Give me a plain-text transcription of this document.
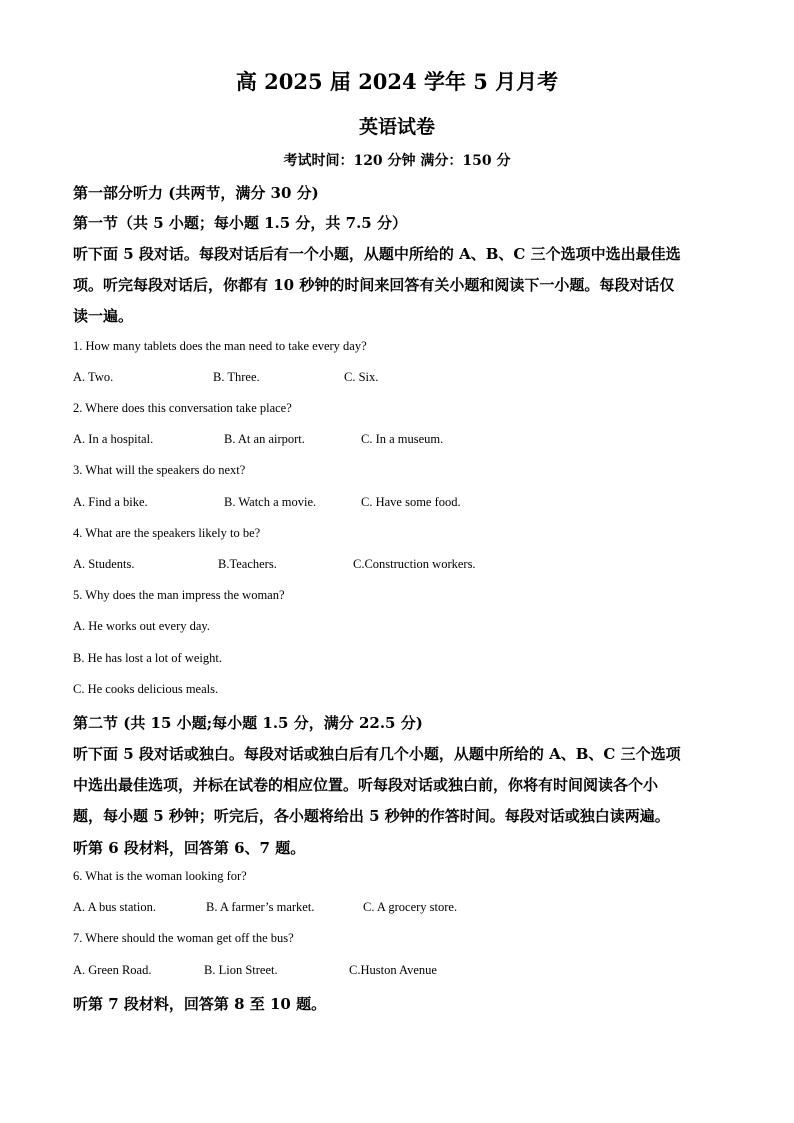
高 2025 届 2024 学年 5 月月考
英语试卷
考试时间：120 分钟 满分：150 分
第一部分听力 (共两节，满分 30 分)
第一节（共 5 小题；每小题 1.5 分，共 7.5 分）
听下面 5 段对话。每段对话后有一个小题，从题中所给的 A、B、C 三个选项中选出最佳选
项。听完每段对话后，你都有 10 秒钟的时间来回答有关小题和阅读下一小题。每段对话仅
读一遍。
1. How many tablets does the man need to take every day?
A. Two.	B. Three.	C. Six.
2. Where does this conversation take place?
A. In a hospital.	B. At an airport.	C. In a museum.
3. What will the speakers do next?
A. Find a bike.	B. Watch a movie.	C. Have some food.
4. What are the speakers likely to be?
A. Students.	B.Teachers.	C.Construction workers.
5. Why does the man impress the woman?
A. He works out every day.
B. He has lost a lot of weight.
C. He cooks delicious meals.
第二节 (共 15 小题;每小题 1.5 分，满分 22.5 分)
听下面 5 段对话或独白。每段对话或独白后有几个小题，从题中所给的 A、B、C 三个选项
中选出最佳选项，并标在试卷的相应位置。听每段对话或独白前，你将有时间阅读各个小
题，每小题 5 秒钟；听完后，各小题将给出 5 秒钟的作答时间。每段对话或独白读两遍。
听第 6 段材料，回答第 6、7 题。
6. What is the woman looking for?
A. A bus station.	B. A farmer’s market.	C. A grocery store.
7. Where should the woman get off the bus?
A. Green Road.	B. Lion Street.	C.Huston Avenue
听第 7 段材料，回答第 8 至 10 题。
